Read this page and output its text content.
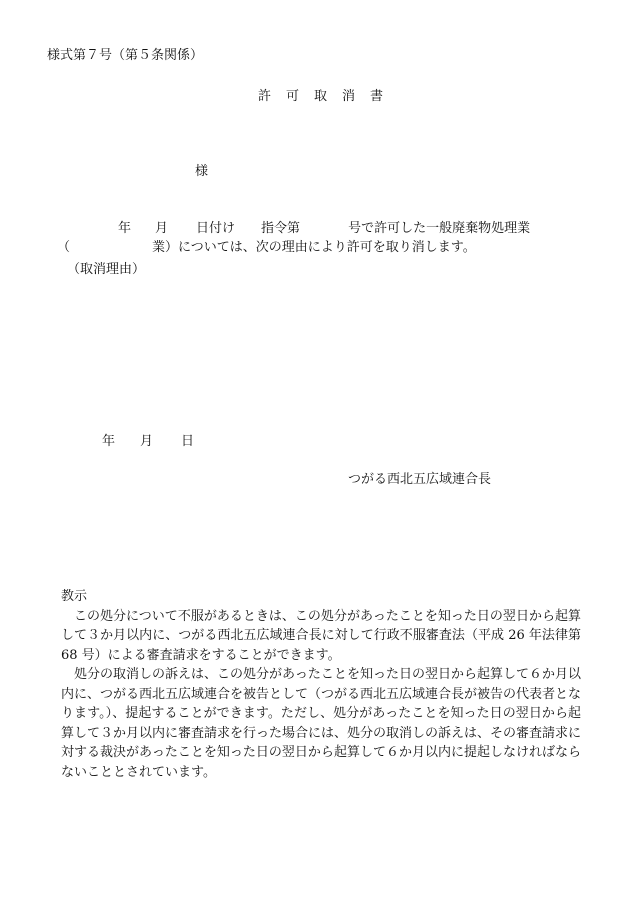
様式第７号（第５条関係）
許　可　取　消　書
様
年 月 日付け 指令第	号で許可した一般廃棄物処理業
（	業）については、次の理由により許可を取り消します。
（取消理由）
年 月 日
つがる西北五広域連合長

教示

この処分について不服があるときは、この処分があったことを知った日の翌日から起算して３か月以内に、つがる西北五広域連合長に対して行政不服審査法（平成 26 年法律第 68 号）による審査請求をすることができます。

処分の取消しの訴えは、この処分があったことを知った日の翌日から起算して６か月以内に、つがる西北五広域連合を被告として（つがる西北五広域連合長が被告の代表者となります。）、提起することができます。ただし、処分があったことを知った日の翌日から起算して３か月以内に審査請求を行った場合には、処分の取消しの訴えは、その審査請求に対する裁決があったことを知った日の翌日から起算して６か月以内に提起しなければならないこととされています。
